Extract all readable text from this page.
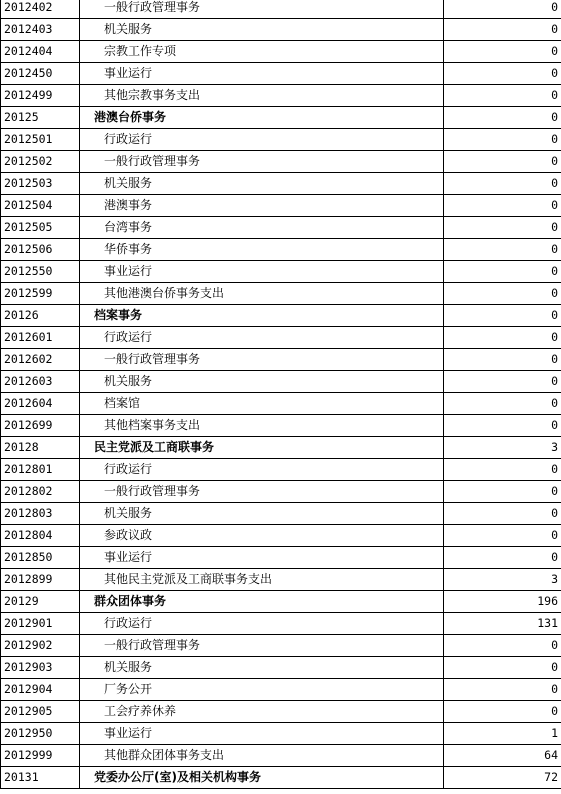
2012402	一般行政管理事务	0
2012403	机关服务	0
2012404	宗教工作专项	0
2012450	事业运行	0
2012499	其他宗教事务支出	0
20125	港澳台侨事务	0
2012501	行政运行	0
2012502	一般行政管理事务	0
2012503	机关服务	0
2012504	港澳事务	0
2012505	台湾事务	0
2012506	华侨事务	0
2012550	事业运行	0
2012599	其他港澳台侨事务支出	0
20126	档案事务	0
2012601	行政运行	0
2012602	一般行政管理事务	0
2012603	机关服务	0
2012604	档案馆	0
2012699	其他档案事务支出	0
20128	民主党派及工商联事务	3
2012801	行政运行	0
2012802	一般行政管理事务	0
2012803	机关服务	0
2012804	参政议政	0
2012850	事业运行	0
2012899	其他民主党派及工商联事务支出	3
20129	群众团体事务	196
2012901	行政运行	131
2012902	一般行政管理事务	0
2012903	机关服务	0
2012904	厂务公开	0
2012905	工会疗养休养	0
2012950	事业运行	1
2012999	其他群众团体事务支出	64
20131	党委办公厅(室)及相关机构事务	72
